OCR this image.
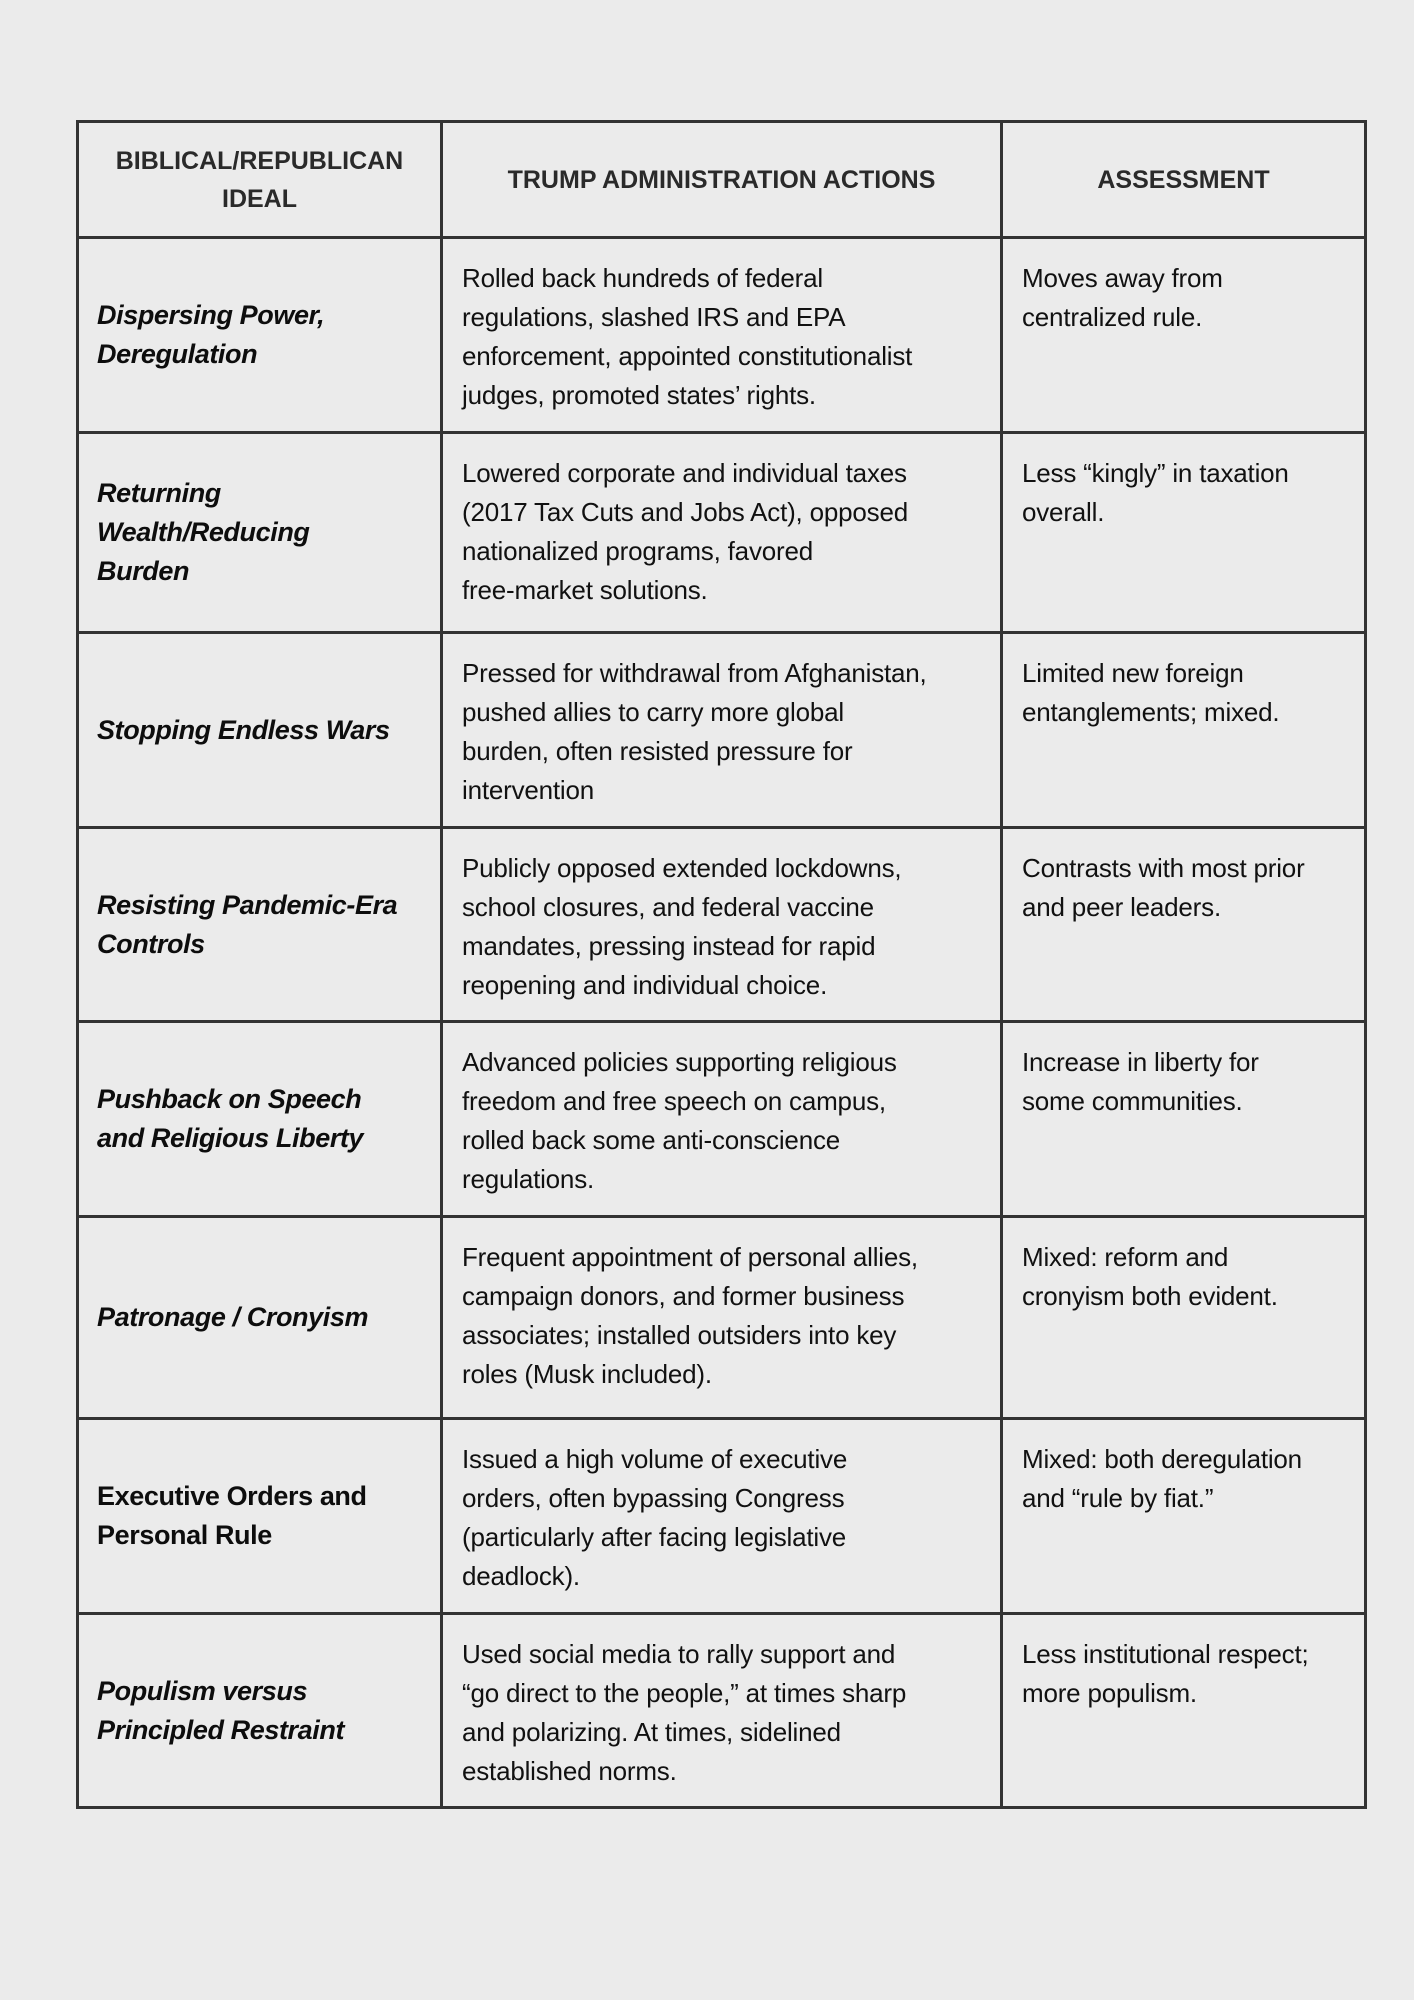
BIBLICAL/REPUBLICAN
IDEAL	TRUMP ADMINISTRATION ACTIONS	ASSESSMENT

Dispersing Power,
Deregulation	Rolled back hundreds of federal
regulations, slashed IRS and EPA
enforcement, appointed constitutionalist
judges, promoted states’ rights.	Moves away from
centralized rule.

Returning
Wealth/Reducing
Burden	Lowered corporate and individual taxes
(2017 Tax Cuts and Jobs Act), opposed
nationalized programs, favored
free-market solutions.	Less “kingly” in taxation
overall.

Stopping Endless Wars	Pressed for withdrawal from Afghanistan,
pushed allies to carry more global
burden, often resisted pressure for
intervention	Limited new foreign
entanglements; mixed.

Resisting Pandemic-Era
Controls	Publicly opposed extended lockdowns,
school closures, and federal vaccine
mandates, pressing instead for rapid
reopening and individual choice.	Contrasts with most prior
and peer leaders.

Pushback on Speech
and Religious Liberty	Advanced policies supporting religious
freedom and free speech on campus,
rolled back some anti-conscience
regulations.	Increase in liberty for
some communities.

Patronage / Cronyism	Frequent appointment of personal allies,
campaign donors, and former business
associates; installed outsiders into key
roles (Musk included).	Mixed: reform and
cronyism both evident.

Executive Orders and
Personal Rule	Issued a high volume of executive
orders, often bypassing Congress
(particularly after facing legislative
deadlock).	Mixed: both deregulation
and “rule by fiat.”

Populism versus
Principled Restraint	Used social media to rally support and
“go direct to the people,” at times sharp
and polarizing. At times, sidelined
established norms.	Less institutional respect;
more populism.
